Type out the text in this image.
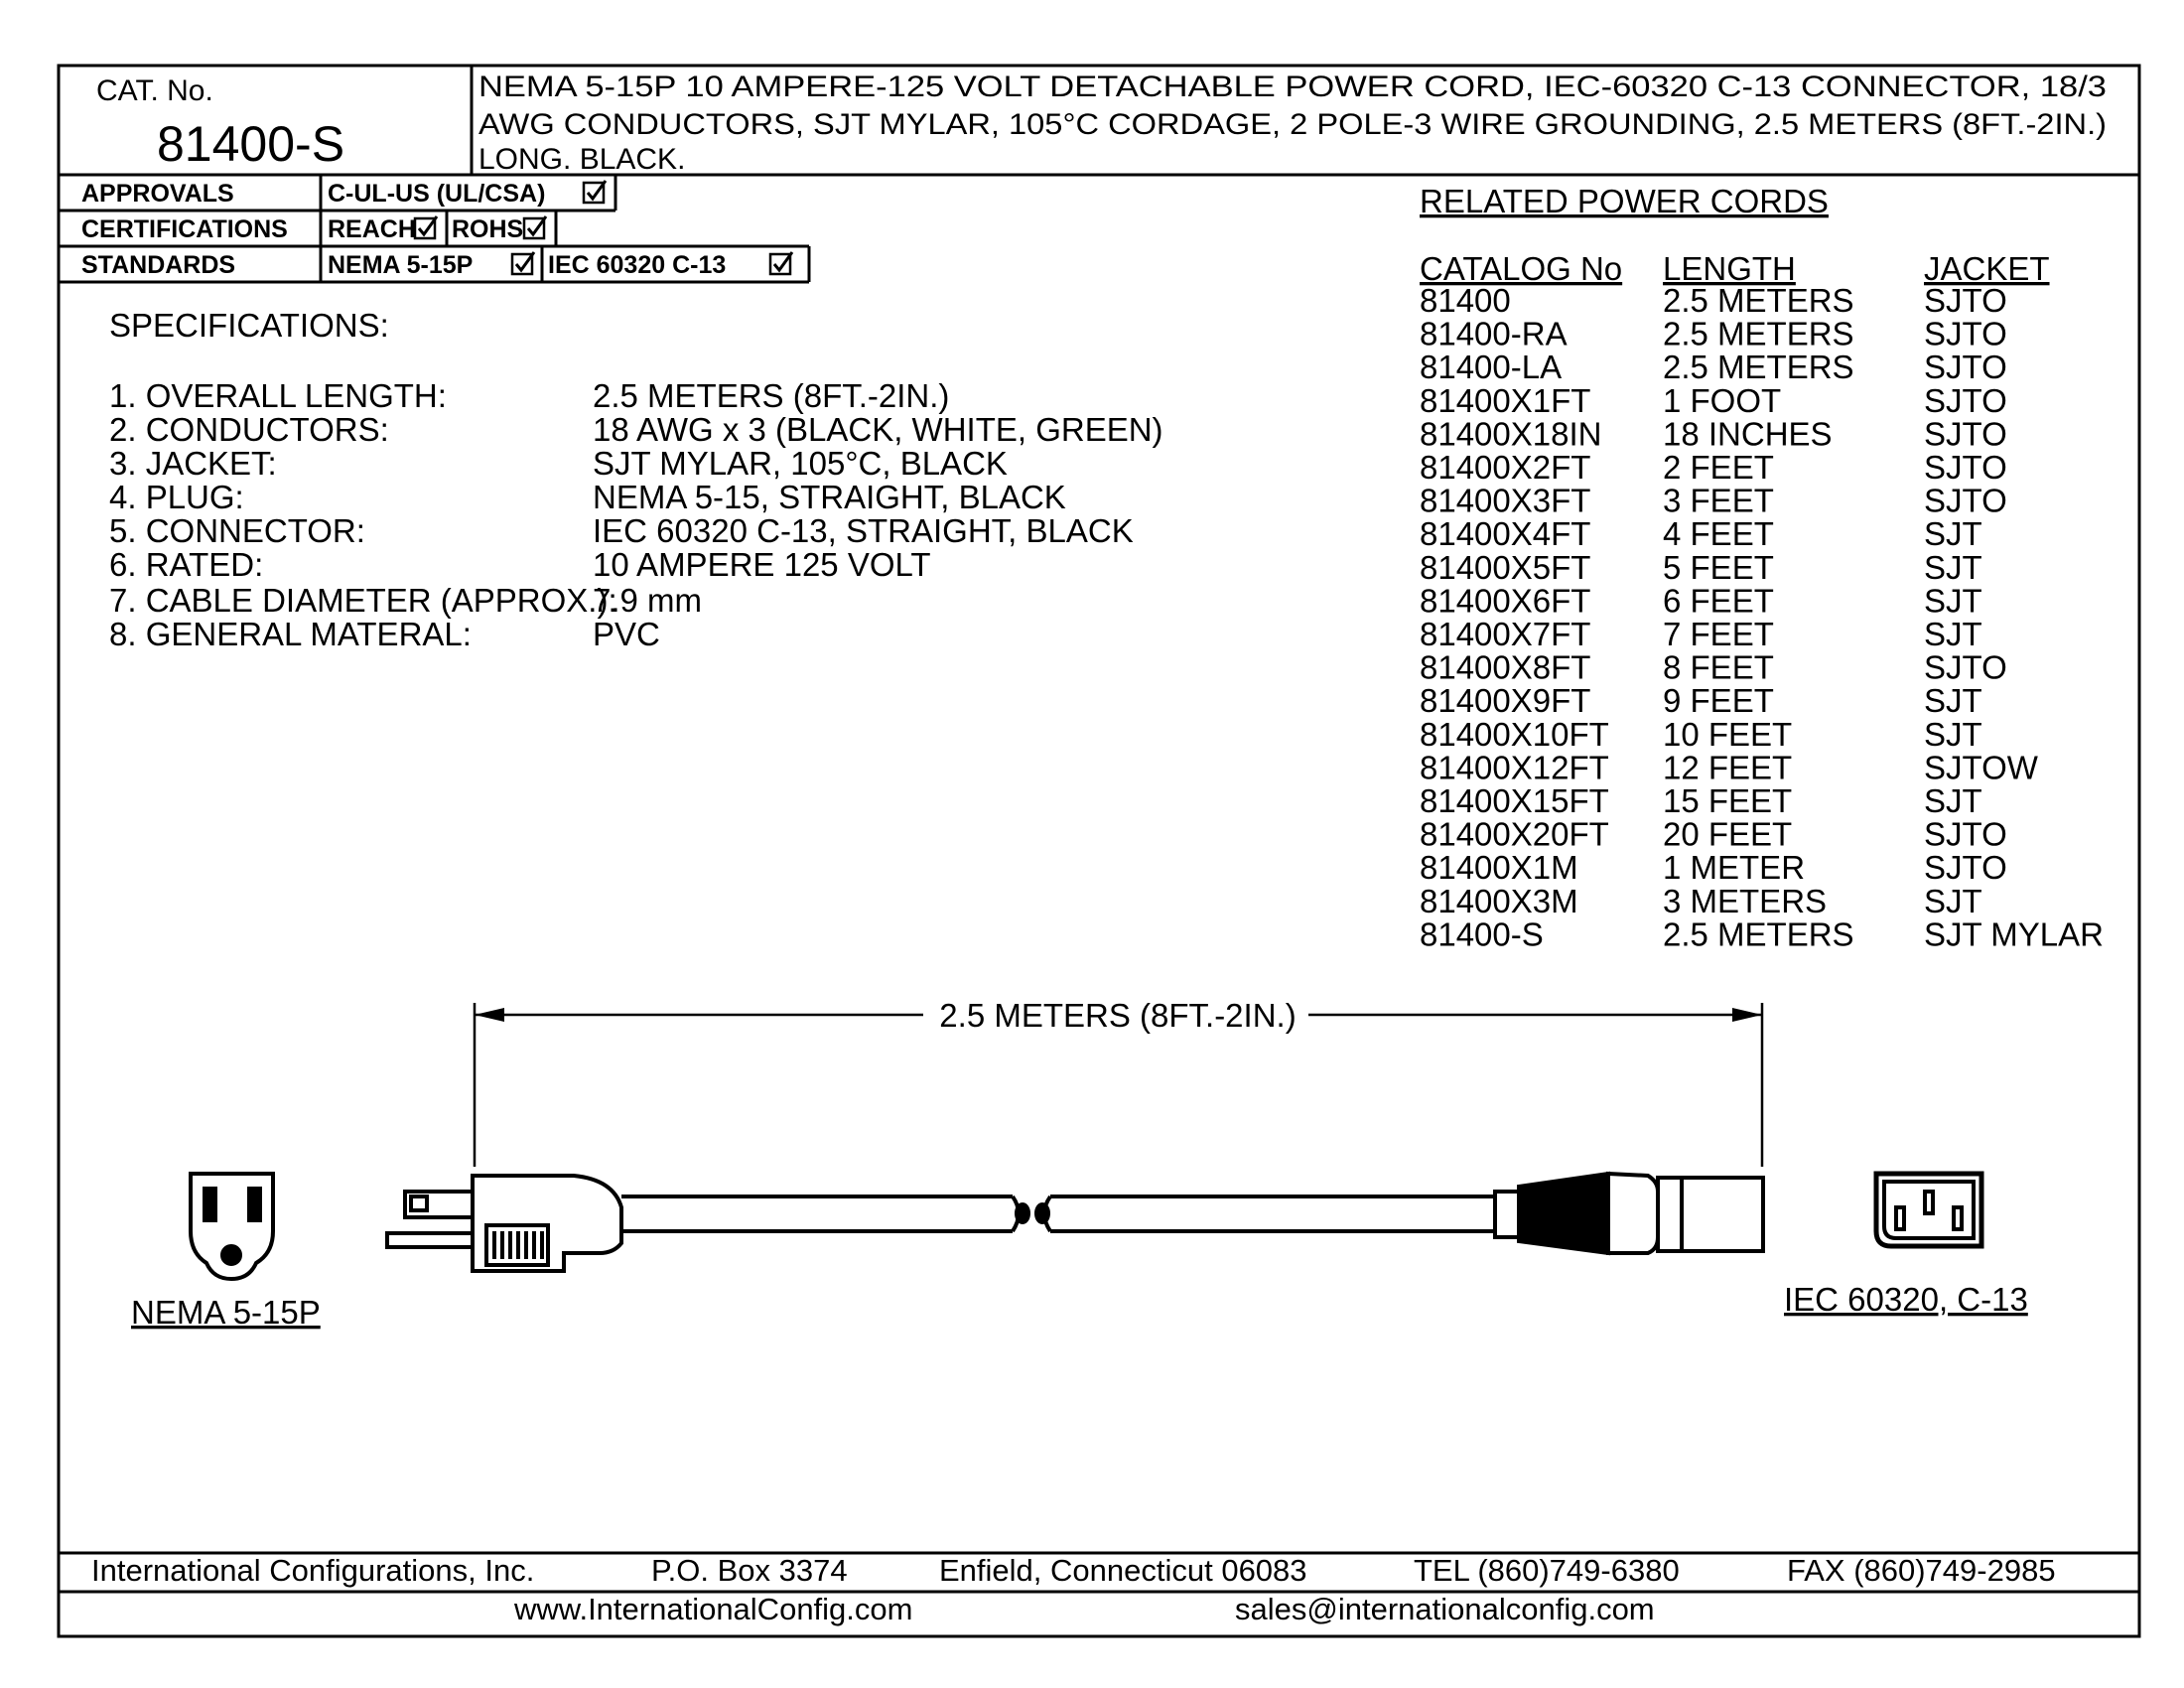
CAT. No.
81400-S
NEMA 5-15P 10 AMPERE-125 VOLT DETACHABLE POWER CORD, IEC-60320 C-13 CONNECTOR, 18/3
AWG CONDUCTORS, SJT MYLAR, 105°C CORDAGE, 2 POLE-3 WIRE GROUNDING, 2.5 METERS (8FT.-2IN.)
LONG. BLACK.
APPROVALS	C-UL-US (UL/CSA)
CERTIFICATIONS REACH ROHS
STANDARDS	NEMA 5-15P	IEC 60320 C-13
SPECIFICATIONS:
1. OVERALL LENGTH:	2.5 METERS (8FT.-2IN.)
2. CONDUCTORS:	18 AWG x 3 (BLACK, WHITE, GREEN)
3. JACKET:	SJT MYLAR, 105°C, BLACK
4. PLUG:	NEMA 5-15, STRAIGHT, BLACK
5. CONNECTOR:	IEC 60320 C-13, STRAIGHT, BLACK
6. RATED:	10 AMPERE 125 VOLT
7. CABLE DIAMETER (APPROX.):
7.9 mm
8. GENERAL MATERAL:	PVC
RELATED POWER CORDS
CATALOG No LENGTH	JACKET
81400	2.5 METERS SJTO
81400-RA	2.5 METERS SJTO
81400-LA	2.5 METERS SJTO
81400X1FT 1 FOOT	SJTO
81400X18IN 18 INCHES	SJTO
81400X2FT 2 FEET	SJTO
81400X3FT 3 FEET	SJTO
81400X4FT 4 FEET	SJT
81400X5FT 5 FEET	SJT
81400X6FT 6 FEET	SJT
81400X7FT 7 FEET	SJT
81400X8FT 8 FEET	SJTO
81400X9FT 9 FEET	SJT
81400X10FT 10 FEET	SJT
81400X12FT 12 FEET	SJTOW
81400X15FT 15 FEET	SJT
81400X20FT 20 FEET	SJTO
81400X1M	1 METER	SJTO
81400X3M	3 METERS	SJT
81400-S	2.5 METERS SJT MYLAR
2.5 METERS (8FT.-2IN.)
NEMA 5-15P	IEC 60320, C-13
International Configurations, Inc.	P.O. Box 3374	Enfield, Connecticut 06083	TEL (860)749-6380	FAX (860)749-2985
www.InternationalConfig.com	sales@internationalconfig.com
